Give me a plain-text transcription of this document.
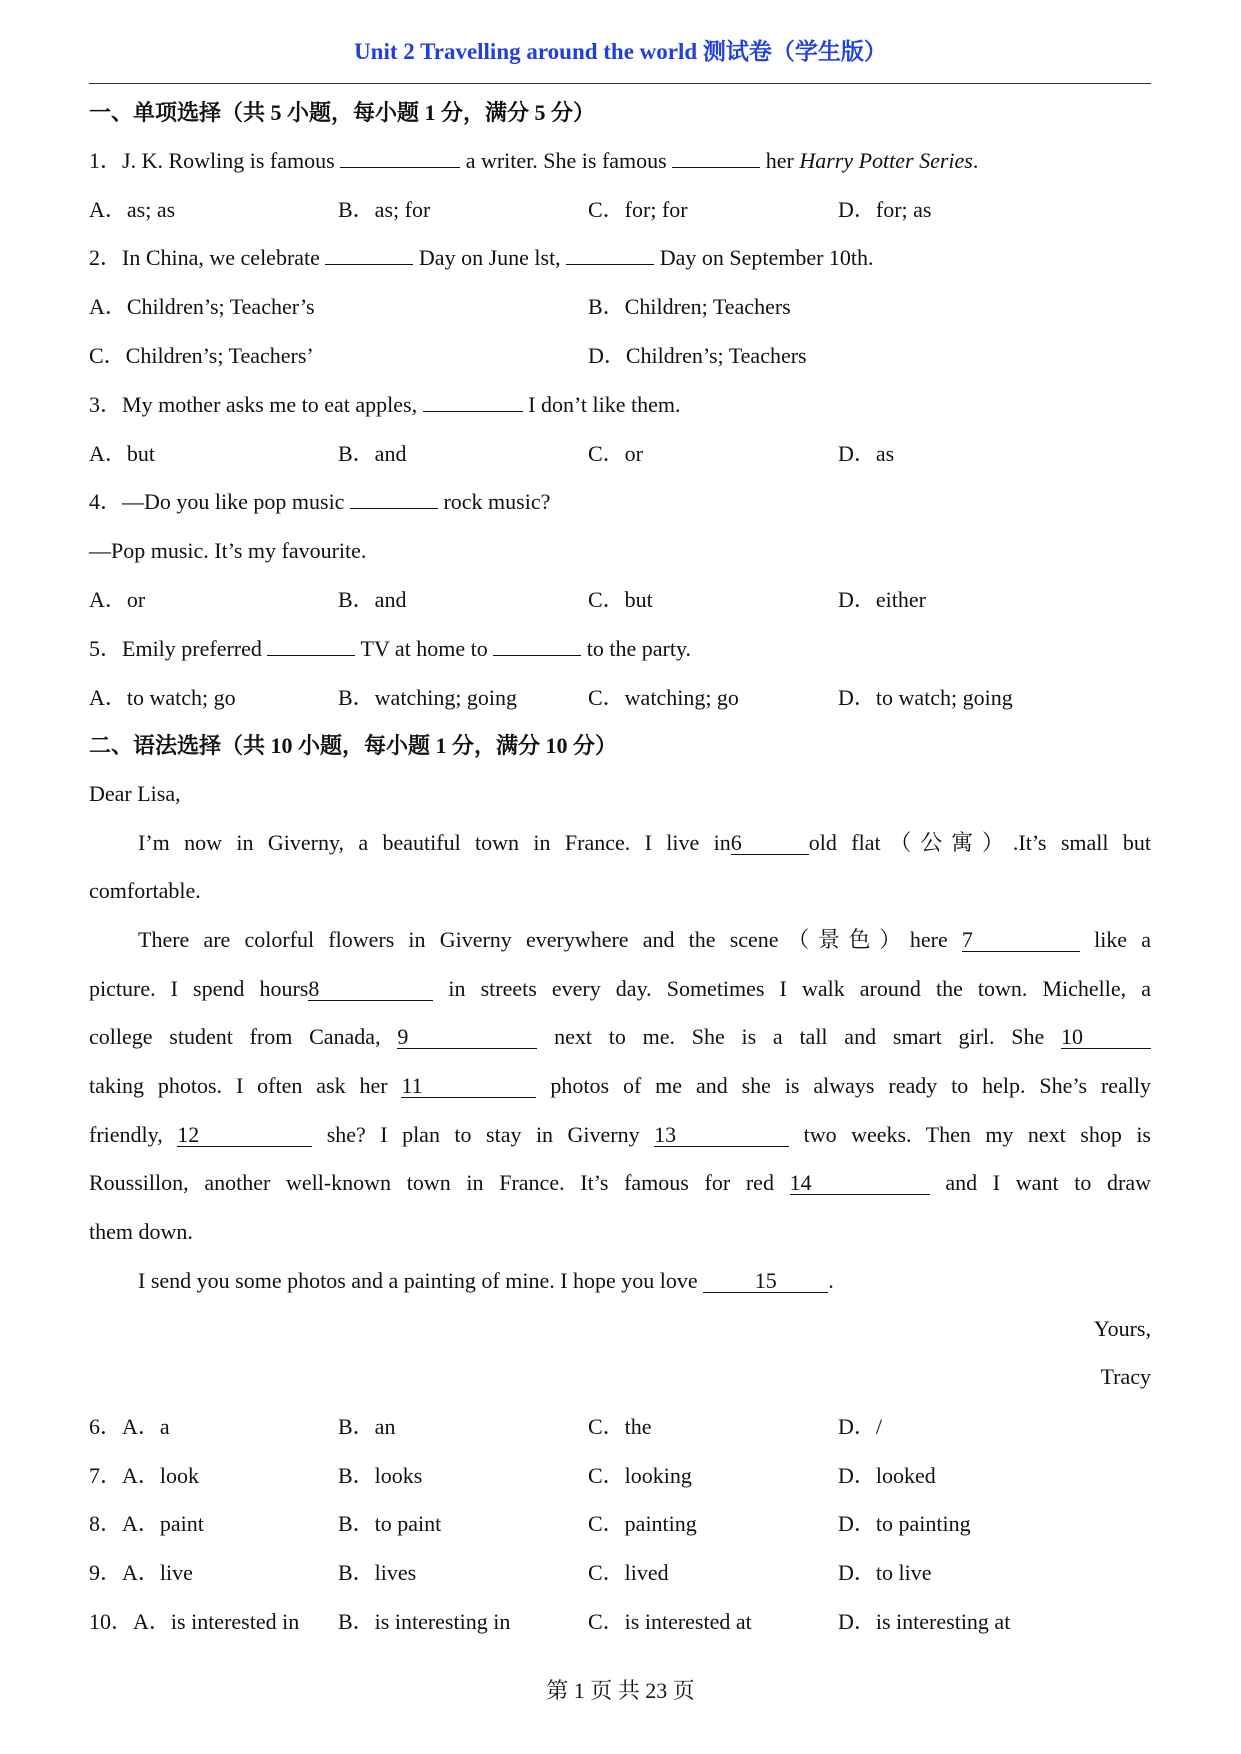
Unit 2 Travelling around the world 测试卷（学生版）
一、单项选择（共 5 小题，每小题 1 分，满分 5 分）
1．J. K. Rowling is famous	a writer. She is famous	her Harry Potter Series.
A．as; as	B．as; for	C．for; for	D．for; as
2．In China, we celebrate	Day on June lst,	Day on September 10th.
A．Children’s; Teacher’s	B．Children; Teachers
C．Children’s; Teachers’	D．Children’s; Teachers
3．My mother asks me to eat apples,	I don’t like them.
A．but	B．and	C．or	D．as
4．—Do you like pop music	rock music?
—Pop music. It’s my favourite.
A．or	B．and	C．but	D．either
5．Emily preferred	TV at home to	to the party.
A．to watch; go	B．watching; going	C．watching; go	D．to watch; going
二、语法选择（共 10 小题，每小题 1 分，满分 10 分）
Dear Lisa,
I’m now in Giverny, a beautiful town in France. I live in6	old flat（公寓）.It’s small but
comfortable.
There are colorful flowers in Giverny everywhere and the scene（景色）here 7	like a
picture. I spend hours8	in streets every day. Sometimes I walk around the town. Michelle, a
college student from Canada, 9	next to me. She is a tall and smart girl. She 10
taking photos. I often ask her 11	photos of me and she is always ready to help. She’s really
friendly, 12	she? I plan to stay in Giverny 13	two weeks. Then my next shop is
Roussillon, another well-known town in France. It’s famous for red 14	and I want to draw
them down.
I send you some photos and a painting of mine. I hope you love	15 .
Yours,
Tracy
6．A．a	B．an	C．the	D．/
7．A．look	B．looks	C．looking	D．looked
8．A．paint	B．to paint	C．painting	D．to painting
9．A．live	B．lives	C．lived	D．to live
10．A．is interested in B．is interesting in	C．is interested at	D．is interesting at
第 1 页 共 23 页
